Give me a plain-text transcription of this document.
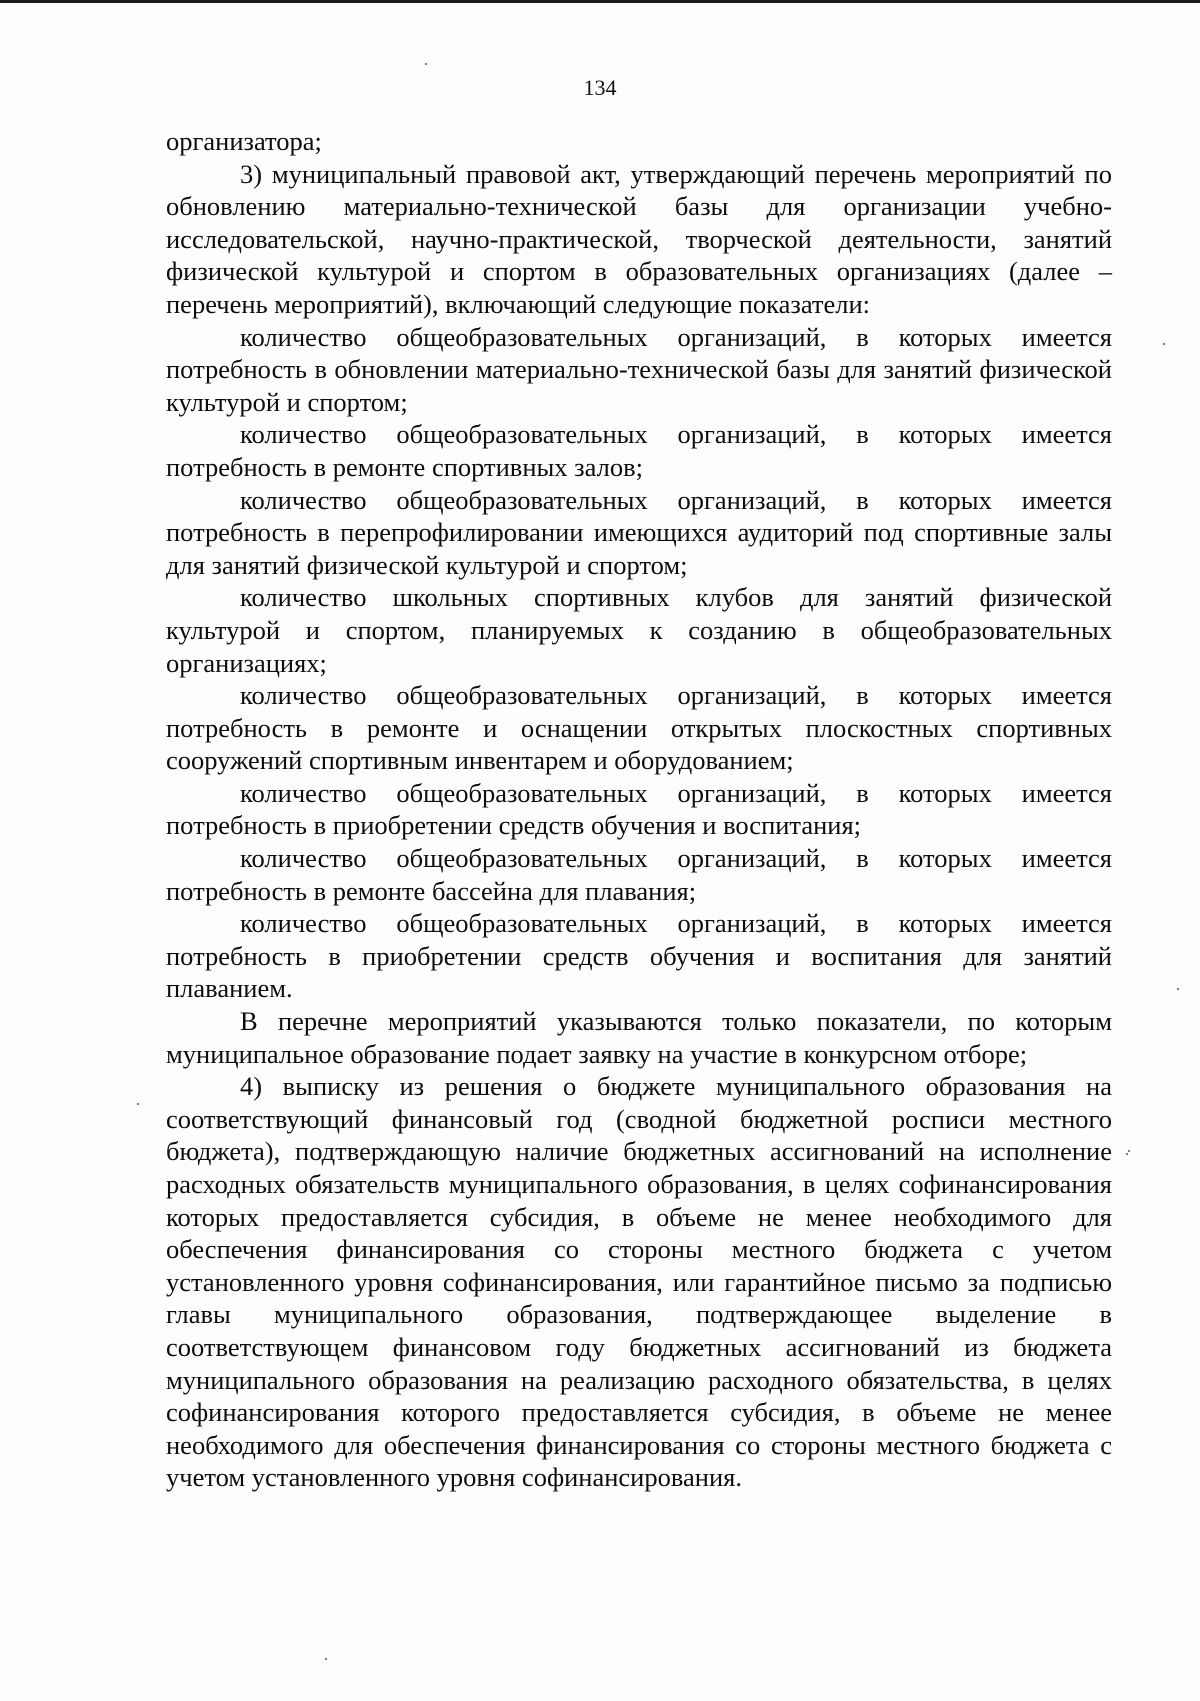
134

организатора;

3) муниципальный правовой акт, утверждающий перечень мероприятий по обновлению материально-технической базы для организации учебно-исследовательской, научно-практической, творческой деятельности, занятий физической культурой и спортом в образовательных организациях (далее – перечень мероприятий), включающий следующие показатели:

количество общеобразовательных организаций, в которых имеется потребность в обновлении материально-технической базы для занятий физической культурой и спортом;

количество общеобразовательных организаций, в которых имеется потребность в ремонте спортивных залов;

количество общеобразовательных организаций, в которых имеется потребность в перепрофилировании имеющихся аудиторий под спортивные залы для занятий физической культурой и спортом;

количество школьных спортивных клубов для занятий физической культурой и спортом, планируемых к созданию в общеобразовательных организациях;

количество общеобразовательных организаций, в которых имеется потребность в ремонте и оснащении открытых плоскостных спортивных сооружений спортивным инвентарем и оборудованием;

количество общеобразовательных организаций, в которых имеется потребность в приобретении средств обучения и воспитания;

количество общеобразовательных организаций, в которых имеется потребность в ремонте бассейна для плавания;

количество общеобразовательных организаций, в которых имеется потребность в приобретении средств обучения и воспитания для занятий плаванием.

В перечне мероприятий указываются только показатели, по которым муниципальное образование подает заявку на участие в конкурсном отборе;

4) выписку из решения о бюджете муниципального образования на соответствующий финансовый год (сводной бюджетной росписи местного бюджета), подтверждающую наличие бюджетных ассигнований на исполнение расходных обязательств муниципального образования, в целях софинансирования которых предоставляется субсидия, в объеме не менее необходимого для обеспечения финансирования со стороны местного бюджета с учетом установленного уровня софинансирования, или гарантийное письмо за подписью главы муниципального образования, подтверждающее выделение в соответствующем финансовом году бюджетных ассигнований из бюджета муниципального образования на реализацию расходного обязательства, в целях софинансирования которого предоставляется субсидия, в объеме не менее необходимого для обеспечения финансирования со стороны местного бюджета с учетом установленного уровня софинансирования.
